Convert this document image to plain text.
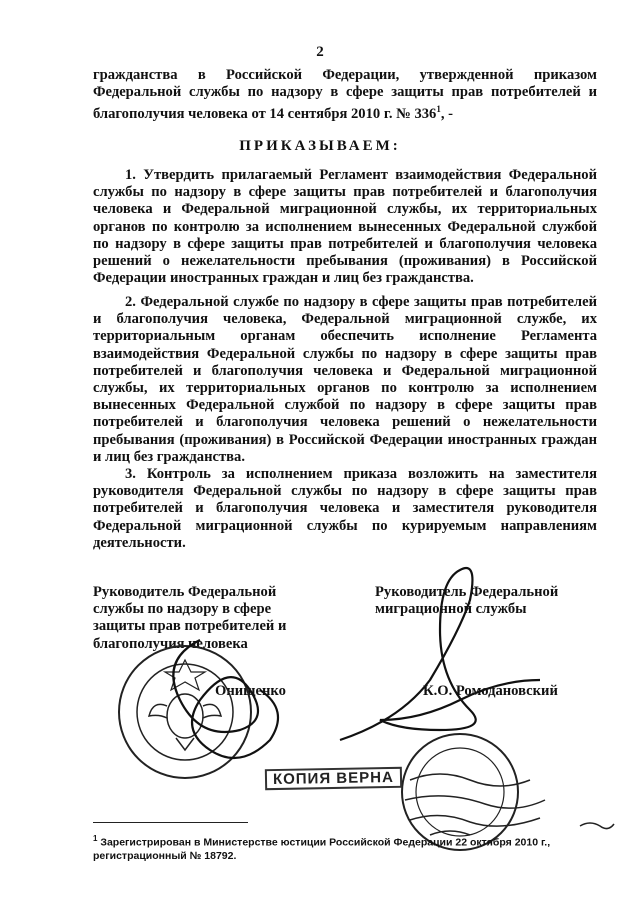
2
гражданства в Российской Федерации, утвержденной приказом Федеральной службы по надзору в сфере защиты прав потребителей и благополучия человека от 14 сентября 2010 г. № $336^1$, -
ПРИКАЗЫВАЕМ:
1. Утвердить прилагаемый Регламент взаимодействия Федеральной службы по надзору в сфере защиты прав потребителей и благополучия человека и Федеральной миграционной службы, их территориальных органов по контролю за исполнением вынесенных Федеральной службой по надзору в сфере защиты прав потребителей и благополучия человека решений о нежелательности пребывания (проживания) в Российской Федерации иностранных граждан и лиц без гражданства.
2. Федеральной службе по надзору в сфере защиты прав потребителей и благополучия человека, Федеральной миграционной службе, их территориальным органам обеспечить исполнение Регламента взаимодействия Федеральной службы по надзору в сфере защиты прав потребителей и благополучия человека и Федеральной миграционной службы, их территориальных органов по контролю за исполнением вынесенных Федеральной службой по надзору в сфере защиты прав потребителей и благополучия человека решений о нежелательности пребывания (проживания) в Российской Федерации иностранных граждан и лиц без гражданства.
3. Контроль за исполнением приказа возложить на заместителя руководителя Федеральной службы по надзору в сфере защиты прав потребителей и благополучия человека и заместителя руководителя Федеральной миграционной службы по курируемым направлениям деятельности.
Руководитель Федеральной
службы по надзору в сфере
защиты прав потребителей и
благополучия человека
Онищенко
Руководитель Федеральной
миграционной службы
К.О. Ромодановский
КОПИЯ ВЕРНА
$^1$ Зарегистрирован в Министерстве юстиции Российской Федерации 22 октября 2010 г., регистрационный № 18792.
